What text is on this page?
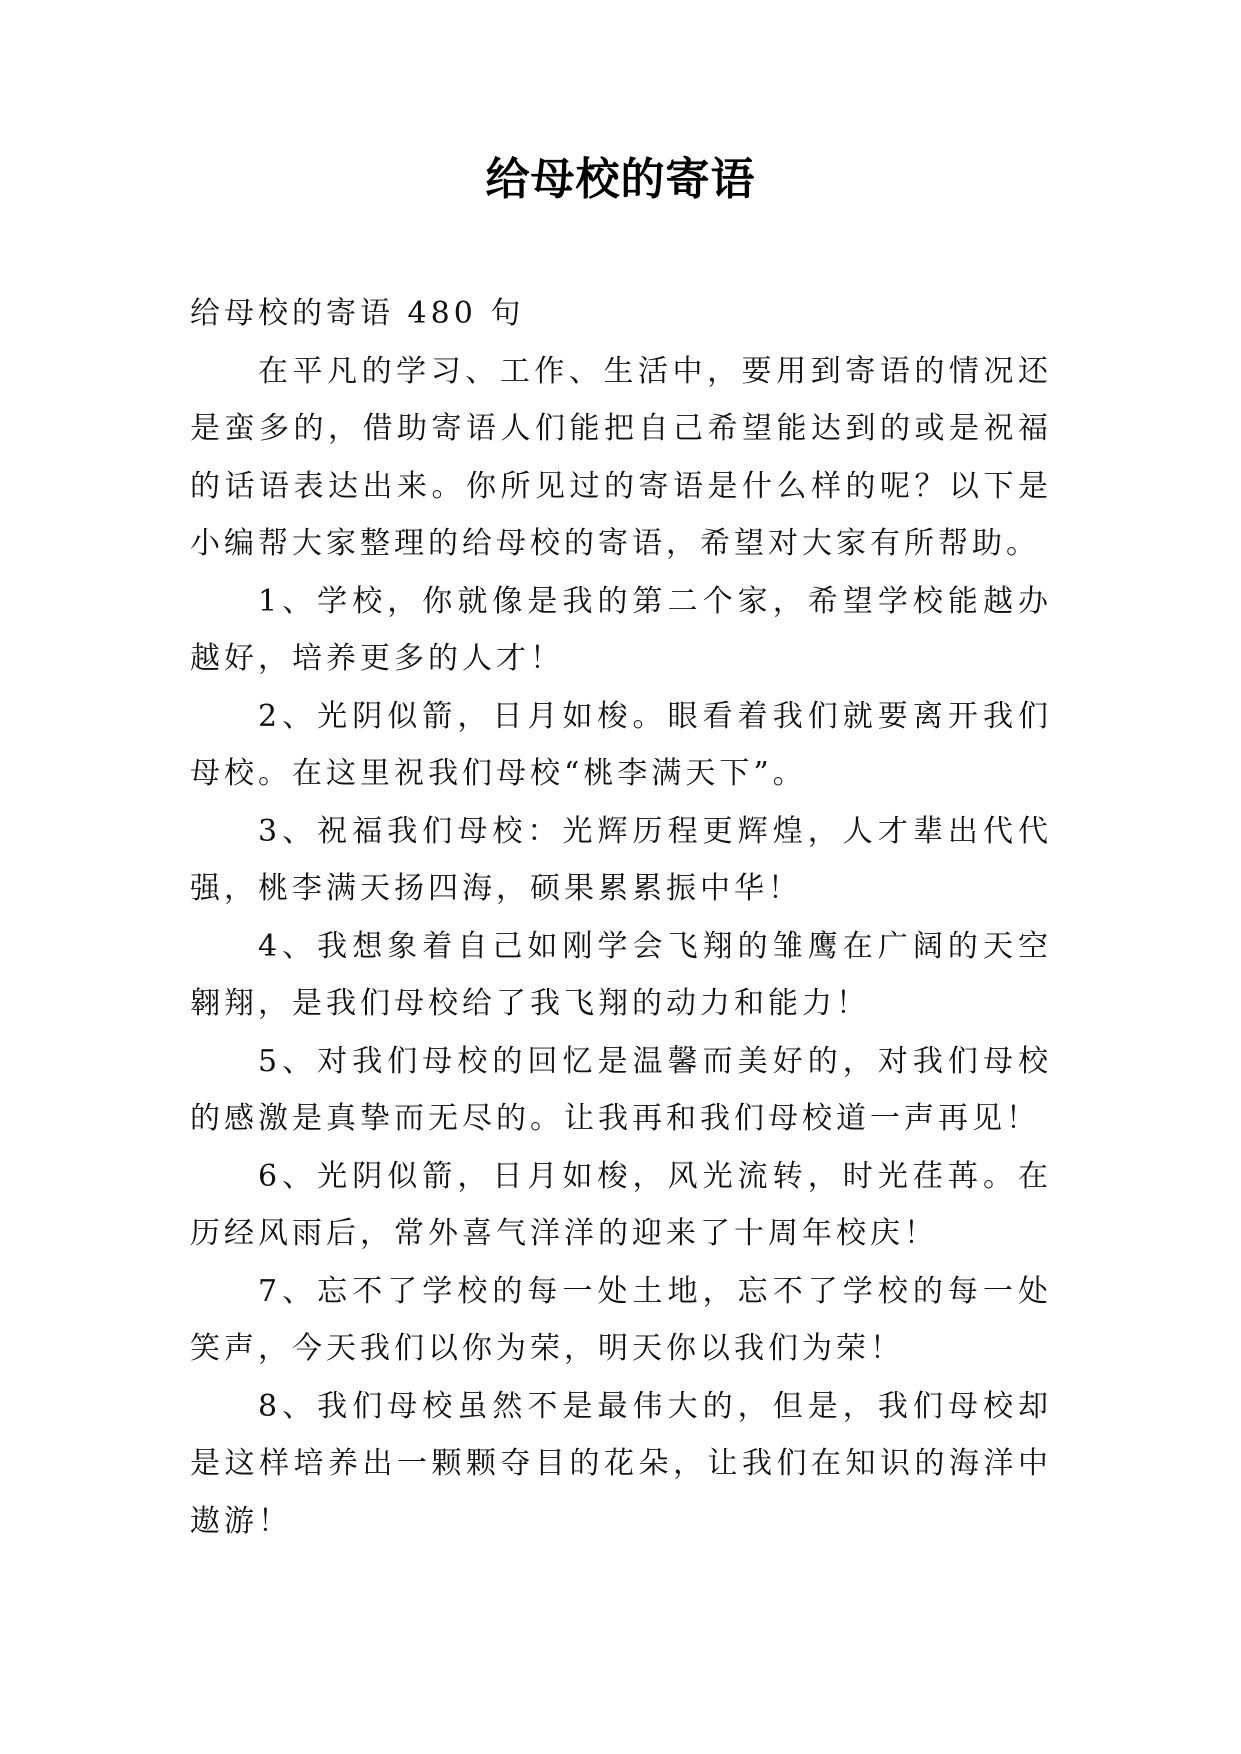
给母校的寄语

给母校的寄语 480 句

在平凡的学习、工作、生活中，要用到寄语的情况还是蛮多的，借助寄语人们能把自己希望能达到的或是祝福的话语表达出来。你所见过的寄语是什么样的呢？以下是小编帮大家整理的给母校的寄语，希望对大家有所帮助。

1、学校，你就像是我的第二个家，希望学校能越办越好，培养更多的人才！

2、光阴似箭，日月如梭。眼看着我们就要离开我们母校。在这里祝我们母校“桃李满天下”。

3、祝福我们母校：光辉历程更辉煌，人才辈出代代强，桃李满天扬四海，硕果累累振中华！

4、我想象着自己如刚学会飞翔的雏鹰在广阔的天空翱翔，是我们母校给了我飞翔的动力和能力！

5、对我们母校的回忆是温馨而美好的，对我们母校的感激是真挚而无尽的。让我再和我们母校道一声再见！

6、光阴似箭，日月如梭，风光流转，时光荏苒。在历经风雨后，常外喜气洋洋的迎来了十周年校庆！

7、忘不了学校的每一处土地，忘不了学校的每一处笑声，今天我们以你为荣，明天你以我们为荣！

8、我们母校虽然不是最伟大的，但是，我们母校却是这样培养出一颗颗夺目的花朵，让我们在知识的海洋中遨游！
